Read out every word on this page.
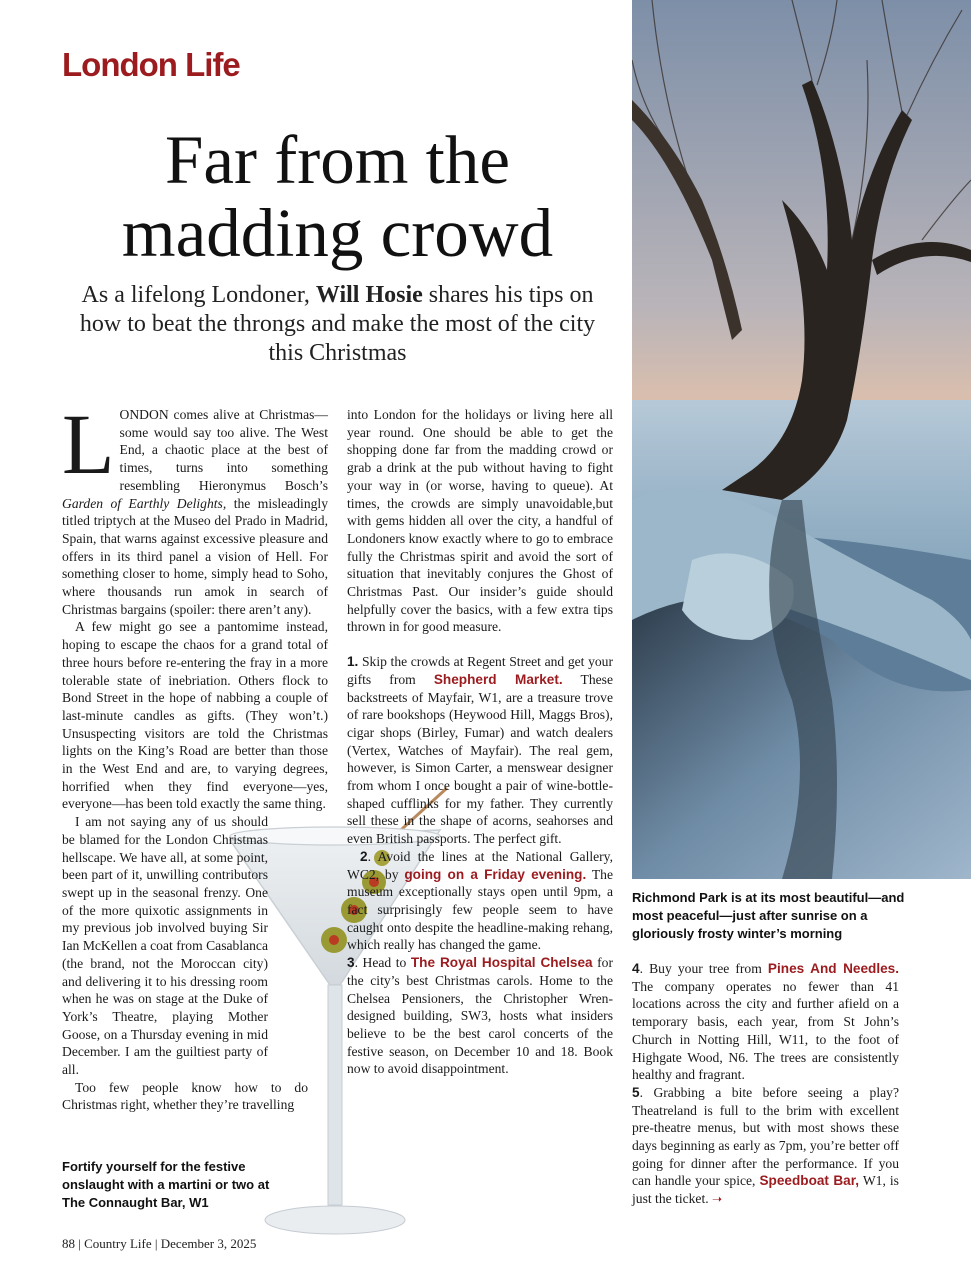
London Life
Far from the
madding crowd

As a lifelong Londoner, Will Hosie shares his tips on how to beat the throngs and make the most of the city this Christmas

Richmond Park is at its most beautiful—and most peaceful—just after sunrise on a gloriously frosty winter’s morning

LONDON comes alive at Christmas—some would say too alive. The West End, a chaotic place at the best of times, turns into something resembling Hieronymus Bosch’s Garden of Earthly Delights, the misleadingly titled triptych at the Museo del Prado in Madrid, Spain, that warns against excessive pleasure and offers in its third panel a vision of Hell. For something closer to home, simply head to Soho, where thousands run amok in search of Christmas bargains (spoiler: there aren’t any).

A few might go see a pantomime instead, hoping to escape the chaos for a grand total of three hours before re-entering the fray in a more tolerable state of inebriation. Others flock to Bond Street in the hope of nabbing a couple of last-minute candles as gifts. (They won’t.) Unsuspecting visitors are told the Christmas lights on the King’s Road are better than those in the West End and are, to varying degrees, horrified when they find everyone—yes, everyone—has been told exactly the same thing.

I am not saying any of us should be blamed for the London Christmas hellscape. We have all, at some point, been part of it, unwilling contributors swept up in the seasonal frenzy. One of the more quixotic assignments in my previous job involved buying Sir Ian McKellen a coat from Casablanca (the brand, not the Moroccan city) and delivering it to his dressing room when he was on stage at the Duke of York’s Theatre, playing Mother Goose, on a Thursday evening in mid December. I am the guiltiest party of all.

Too few people know how to do Christmas right, whether they’re travelling

Fortify yourself for the festive onslaught with a martini or two at The Connaught Bar, W1

into London for the holidays or living here all year round. One should be able to get the shopping done far from the madding crowd or grab a drink at the pub without having to fight your way in (or worse, having to queue). At times, the crowds are simply unavoidable,but with gems hidden all over the city, a handful of Londoners know exactly where to go to embrace fully the Christmas spirit and avoid the sort of situation that inevitably conjures the Ghost of Christmas Past. Our insider’s guide should helpfully cover the basics, with a few extra tips thrown in for good measure.

1. Skip the crowds at Regent Street and get your gifts from Shepherd Market. These backstreets of Mayfair, W1, are a treasure trove of rare bookshops (Heywood Hill, Maggs Bros), cigar shops (Birley, Fumar) and watch dealers (Vertex, Watches of Mayfair). The real gem, however, is Simon Carter, a menswear designer from whom I once bought a pair of wine-bottle-shaped cufflinks for my father. They currently sell these in the shape of acorns, seahorses and even British passports. The perfect gift.

2. Avoid the lines at the National Gallery, WC2, by going on a Friday evening. The museum exceptionally stays open until 9pm, a fact surprisingly few people seem to have caught onto despite the headline-making rehang, which really has changed the game.

3. Head to The Royal Hospital Chelsea for the city’s best Christmas carols. Home to the Chelsea Pensioners, the Christopher Wren-designed building, SW3, hosts what insiders believe to be the best carol concerts of the festive season, on December 10 and 18. Book now to avoid disappointment.

4. Buy your tree from Pines And Needles. The company operates no fewer than 41 locations across the city and further afield on a temporary basis, each year, from St John’s Church in Notting Hill, W11, to the foot of Highgate Wood, N6. The trees are consistently healthy and fragrant.

5. Grabbing a bite before seeing a play? Theatreland is full to the brim with excellent pre-theatre menus, but with most shows these days beginning as early as 7pm, you’re better off going for dinner after the performance. If you can handle your spice, Speedboat Bar, W1, is just the ticket. ➝

88 | Country Life | December 3, 2025
